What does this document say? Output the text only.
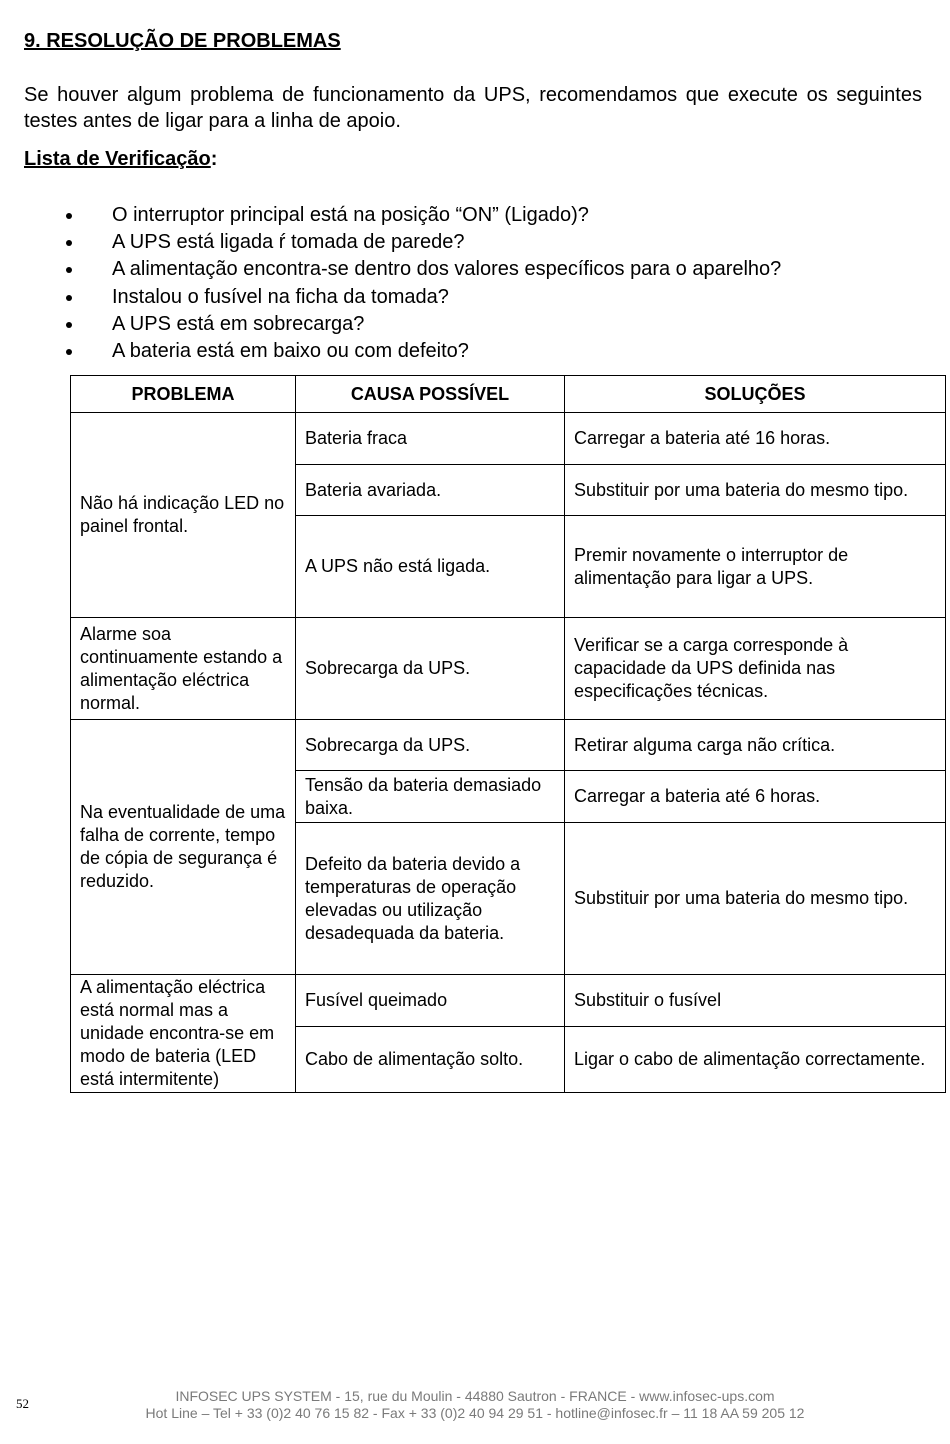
9. RESOLUÇÃO DE PROBLEMAS

Se houver algum problema de funcionamento da UPS, recomendamos que execute os seguintes testes antes de ligar para a linha de apoio.

Lista de Verificação:

O interruptor principal está na posição “ON” (Ligado)?
A UPS está ligada ŕ tomada de parede?
A alimentação encontra-se dentro dos valores específicos para o aparelho?
Instalou o fusível na ficha da tomada?
A UPS está em sobrecarga?
A bateria está em baixo ou com defeito?
PROBLEMA	CAUSA POSSÍVEL	SOLUÇÕES
Não há indicação LED no painel frontal.	Bateria fraca	Carregar a bateria até 16 horas.
	Bateria avariada.	Substituir por uma bateria do mesmo tipo.
	A UPS não está ligada.	Premir novamente o interruptor de alimentação para ligar a UPS.
Alarme soa continuamente estando a alimentação eléctrica normal.	Sobrecarga da UPS.	Verificar se a carga corresponde à capacidade da UPS definida nas especificações técnicas.
Na eventualidade de uma falha de corrente, tempo de cópia de segurança é reduzido.	Sobrecarga da UPS.	Retirar alguma carga não crítica.
	Tensão da bateria demasiado baixa.	Carregar a bateria até 6 horas.
	Defeito da bateria devido a temperaturas de operação elevadas ou utilização desadequada da bateria.	Substituir por uma bateria do mesmo tipo.
A alimentação eléctrica está normal mas a unidade encontra-se em modo de bateria (LED está intermitente)	Fusível queimado	Substituir o fusível
	Cabo de alimentação solto.	Ligar o cabo de alimentação correctamente.
52	INFOSEC UPS SYSTEM - 15, rue du Moulin - 44880 Sautron - FRANCE - www.infosec-ups.com
Hot Line – Tel + 33 (0)2 40 76 15 82 - Fax + 33 (0)2 40 94 29 51 - hotline@infosec.fr – 11 18 AA 59 205 12
